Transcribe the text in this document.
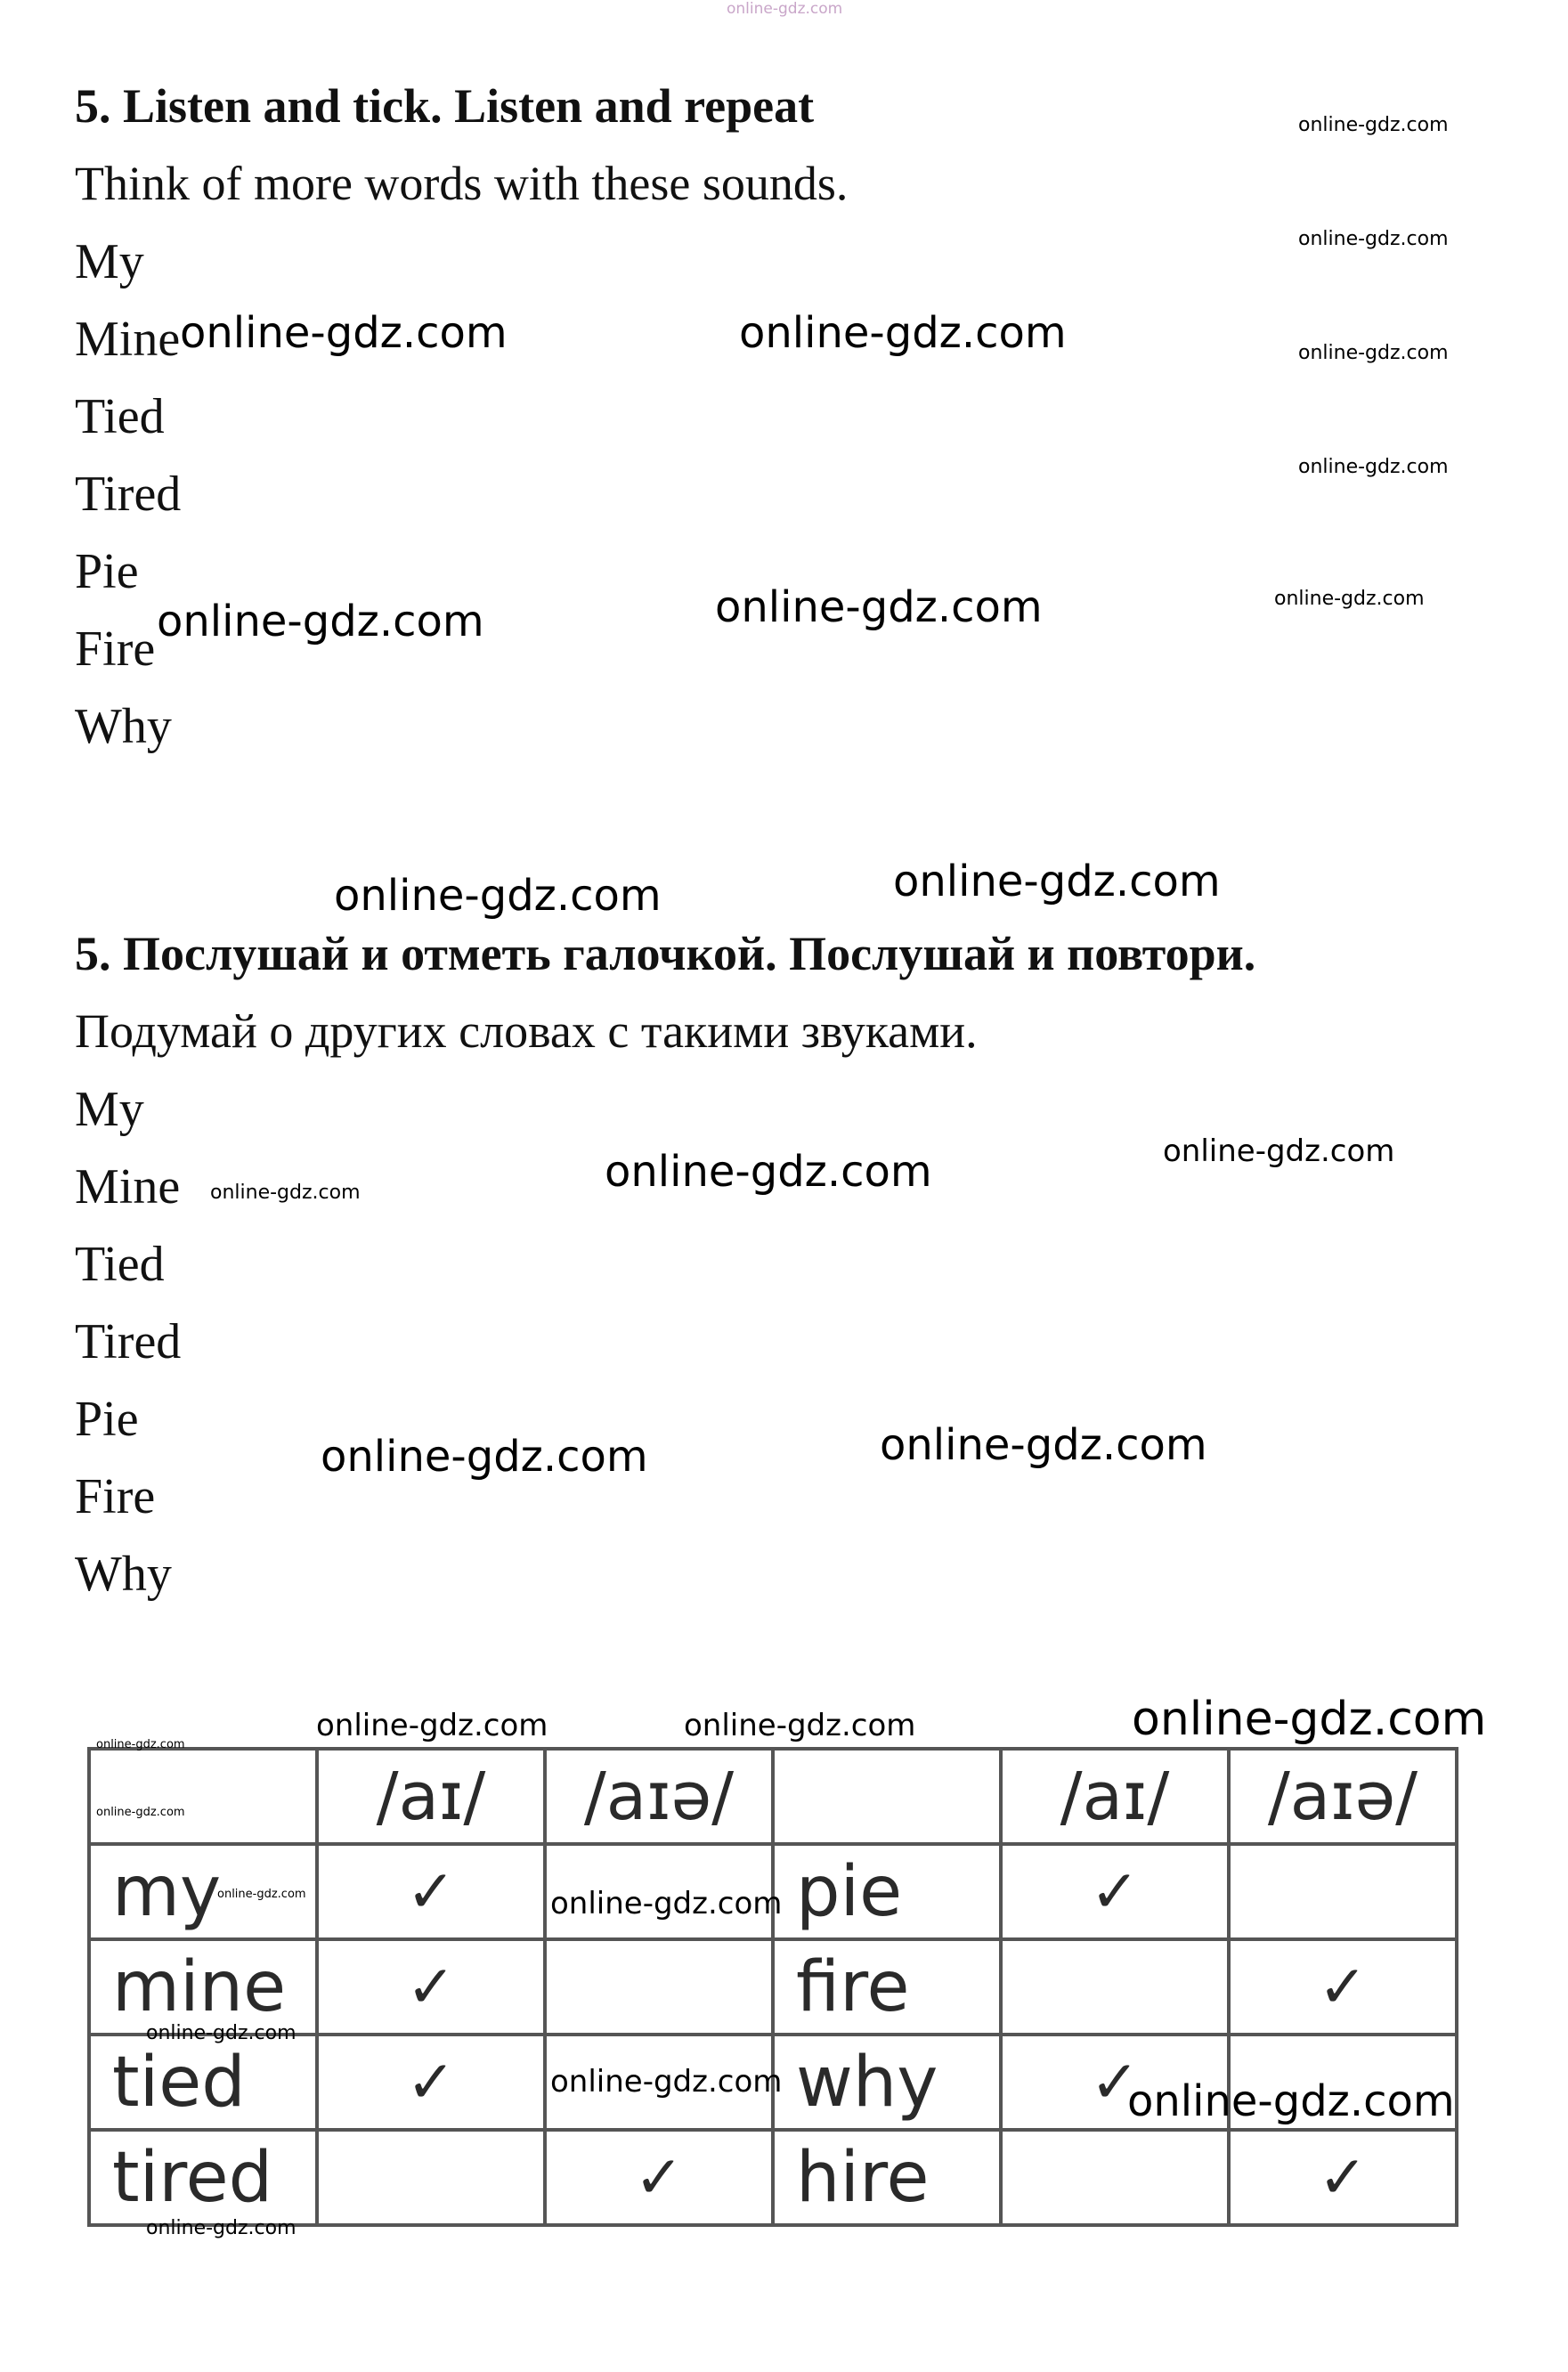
online-gdz.com
5. Listen and tick. Listen and repeat
Think of more words with these sounds.
My
Mine
Tied
Tired
Pie
Fire
Why
5. Послушай и отметь галочкой. Послушай и повтори.
Подумай о других словах с такими звуками.
My
Mine
Tied
Tired
Pie
Fire
Why
	/aɪ/	/aɪə/		/aɪ/	/aɪə/
my	✓		pie	✓	
mine	✓		fire		✓
tied	✓		why	✓	
tired		✓	hire		✓
online-gdz.com
online-gdz.com
online-gdz.com
online-gdz.com
online-gdz.com
online-gdz.com	online-gdz.com
online-gdz.com	online-gdz.com
online-gdz.com	online-gdz.com
online-gdz.com
online-gdz.com
online-gdz.com
online-gdz.com	online-gdz.com
online-gdz.com	online-gdz.com	online-gdz.com
online-gdz.com
online-gdz.com
online-gdz.com	online-gdz.com
online-gdz.com
online-gdz.com	online-gdz.com
online-gdz.com
